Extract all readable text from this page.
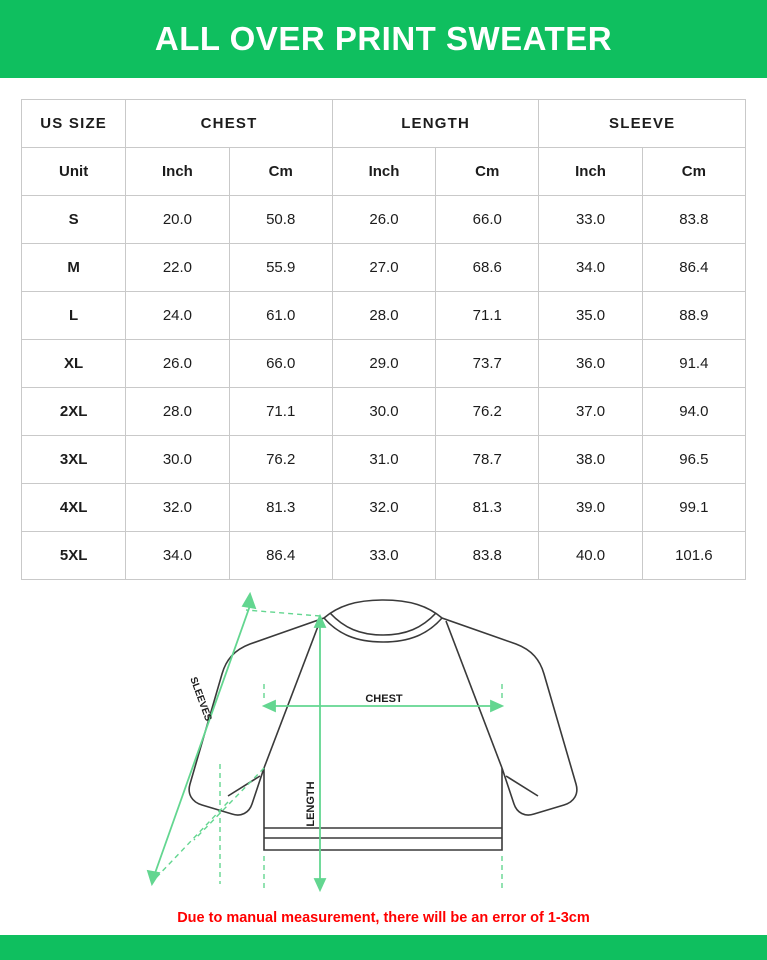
ALL OVER PRINT SWEATER
US SIZE	CHEST		LENGTH		SLEEVE	
Unit	Inch	Cm	Inch	Cm	Inch	Cm
S	20.0	50.8	26.0	66.0	33.0	83.8
M	22.0	55.9	27.0	68.6	34.0	86.4
L	24.0	61.0	28.0	71.1	35.0	88.9
XL	26.0	66.0	29.0	73.7	36.0	91.4
2XL	28.0	71.1	30.0	76.2	37.0	94.0
3XL	30.0	76.2	31.0	78.7	38.0	96.5
4XL	32.0	81.3	32.0	81.3	39.0	99.1
5XL	34.0	86.4	33.0	83.8	40.0	101.6
CHEST
LENGTH
SLEEVES
Due to manual measurement, there will be an error of 1-3cm
